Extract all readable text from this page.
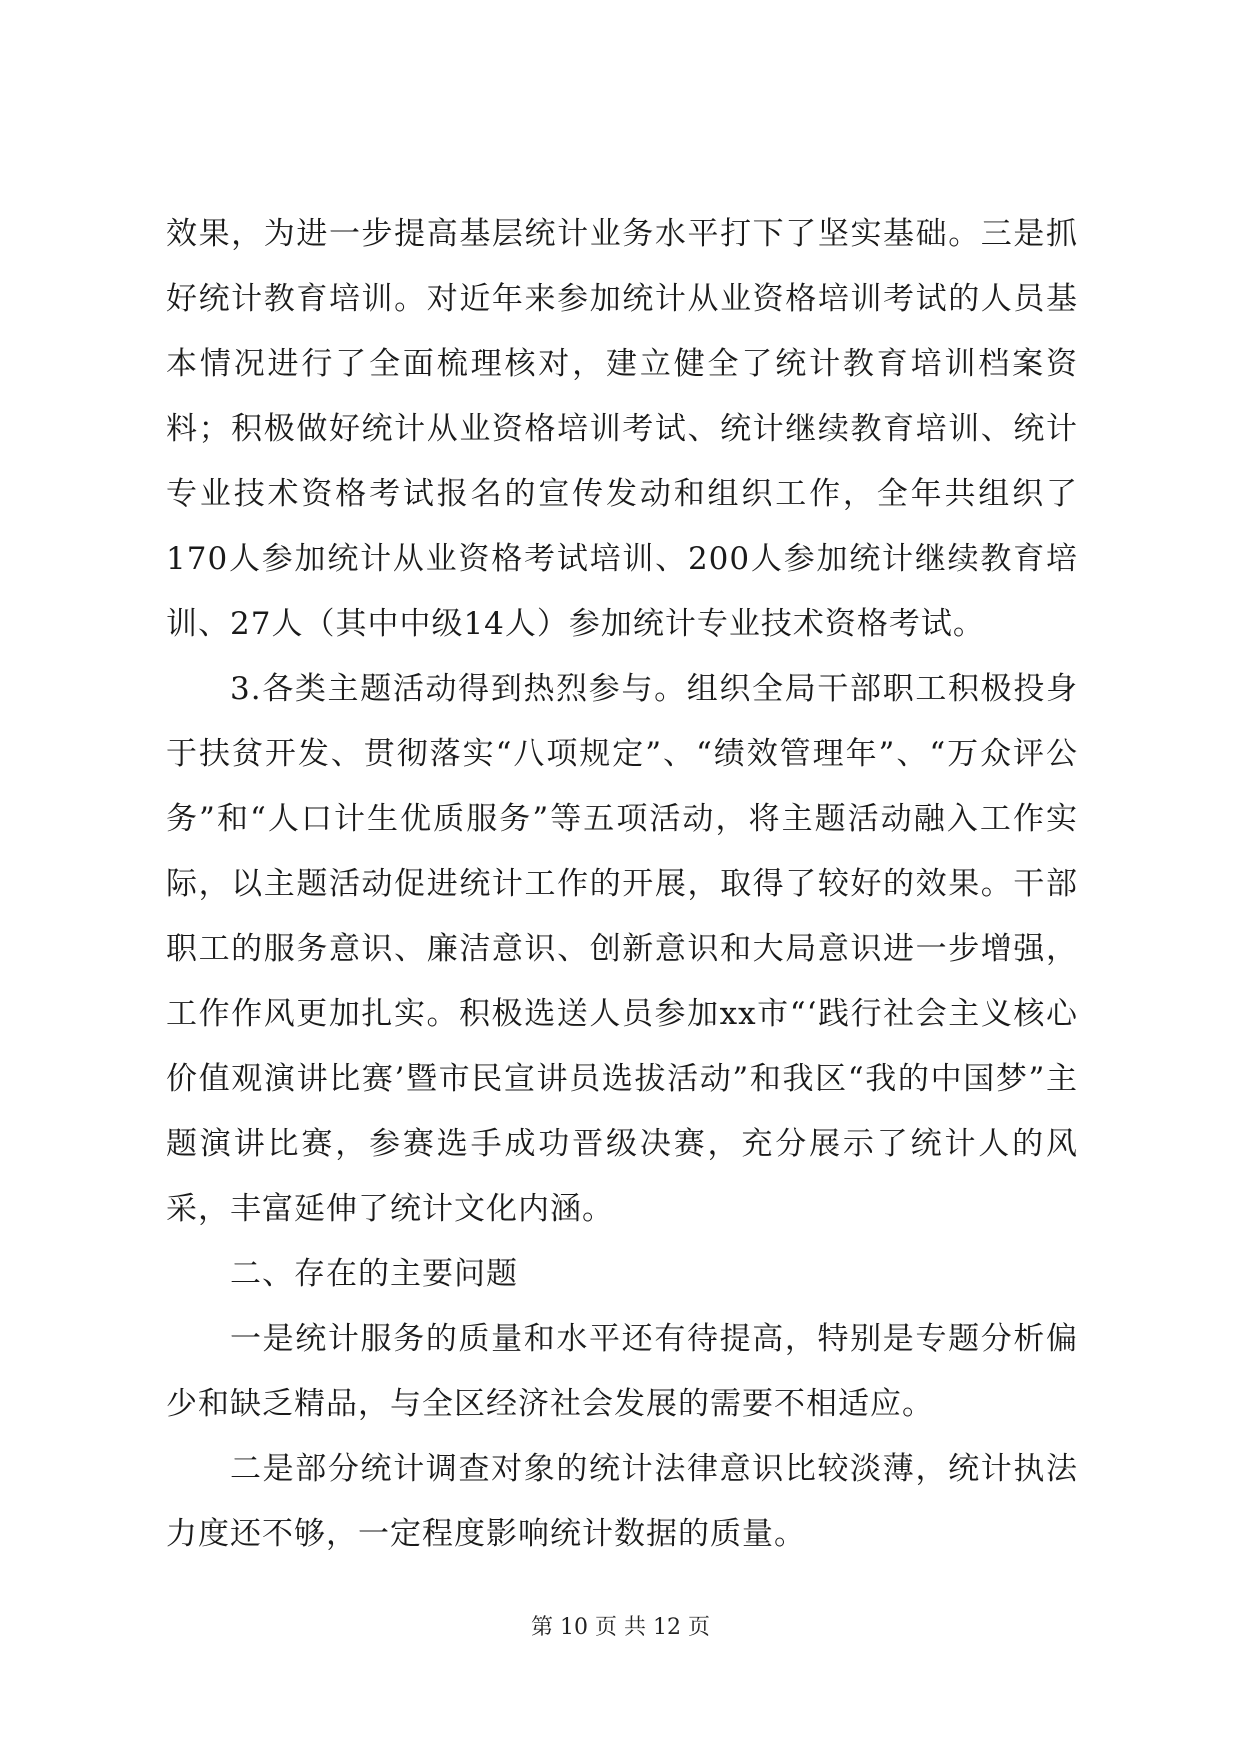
效果，为进一步提高基层统计业务水平打下了坚实基础。三是抓好统计教育培训。对近年来参加统计从业资格培训考试的人员基本情况进行了全面梳理核对，建立健全了统计教育培训档案资料；积极做好统计从业资格培训考试、统计继续教育培训、统计专业技术资格考试报名的宣传发动和组织工作，全年共组织了170人参加统计从业资格考试培训、200人参加统计继续教育培训、27人（其中中级14人）参加统计专业技术资格考试。

3.各类主题活动得到热烈参与。组织全局干部职工积极投身于扶贫开发、贯彻落实“八项规定”、“绩效管理年”、“万众评公务”和“人口计生优质服务”等五项活动，将主题活动融入工作实际，以主题活动促进统计工作的开展，取得了较好的效果。干部职工的服务意识、廉洁意识、创新意识和大局意识进一步增强，工作作风更加扎实。积极选送人员参加xx市“‘践行社会主义核心价值观演讲比赛’暨市民宣讲员选拔活动”和我区“我的中国梦”主题演讲比赛，参赛选手成功晋级决赛，充分展示了统计人的风采，丰富延伸了统计文化内涵。

二、存在的主要问题

一是统计服务的质量和水平还有待提高，特别是专题分析偏少和缺乏精品，与全区经济社会发展的需要不相适应。

二是部分统计调查对象的统计法律意识比较淡薄，统计执法力度还不够，一定程度影响统计数据的质量。

第 10 页 共 12 页
